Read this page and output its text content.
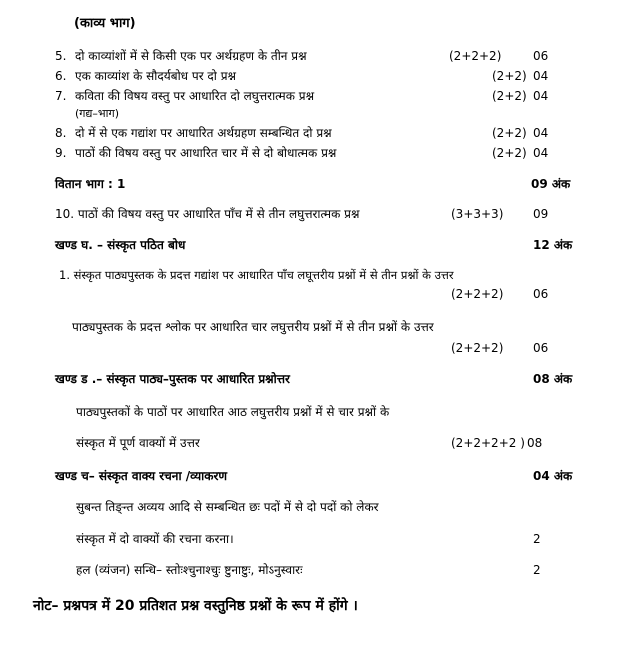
(काव्य भाग)
5. दो काव्यांशों में से किसी एक पर अर्थग्रहण के तीन प्रश्न	(2+2+2)	06
6. एक काव्यांश के सौदर्यबोध पर दो प्रश्न	(2+2) 04
7. कविता की विषय वस्तु पर आधारित दो लघुत्तरात्मक प्रश्न	(2+2) 04
(गद्य–भाग)
8. दो में से एक गद्यांश पर आधारित अर्थग्रहण सम्बन्धित दो प्रश्न	(2+2) 04
9. पाठों की विषय वस्तु पर आधारित चार में से दो बोधात्मक प्रश्न	(2+2) 04
वितान भाग : 1	09 अंक
10. पाठों की विषय वस्तु पर आधारित पाँच में से तीन लघुत्तरात्मक प्रश्न	(3+3+3) 09
खण्ड घ. – संस्कृत पठित बोध	12 अंक
1. संस्कृत पाठ्यपुस्तक के प्रदत्त गद्यांश पर आधारित पाँच लघूत्तरीय प्रश्नों में से तीन प्रश्नों के उत्तर
(2+2+2) 06
पाठ्यपुस्तक के प्रदत्त श्लोक पर आधारित चार लघुत्तरीय प्रश्नों में से तीन प्रश्नों के उत्तर
(2+2+2) 06
खण्ड ड .– संस्कृत पाठ्य–पुस्तक पर आधारित प्रश्नोत्तर	08 अंक
पाठ्यपुस्तकों के पाठों पर आधारित आठ लघुत्तरीय प्रश्नों में से चार प्रश्नों के
संस्कृत में पूर्ण वाक्यों में उत्तर	(2+2+2+2 ) 08
खण्ड च– संस्कृत वाक्य रचना /व्याकरण	04 अंक
सुबन्त तिङ्न्त अव्यय आदि से सम्बन्धित छः पदों में से दो पदों को लेकर
संस्कृत में दो वाक्यों की रचना करना।	2
हल (व्यंजन) सन्धि– स्तोःश्चुनाश्चुः ष्टुनाष्टुः, मोऽनुस्वारः	2
नोट– प्रश्नपत्र में 20 प्रतिशत प्रश्न वस्तुनिष्ठ प्रश्नों के रूप में होंगे ।
